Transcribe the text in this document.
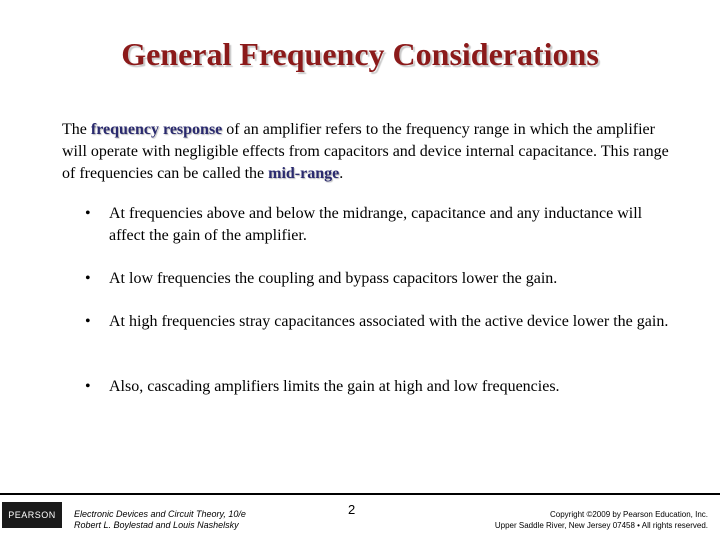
General Frequency Considerations
The frequency response of an amplifier refers to the frequency range in which the amplifier will operate with negligible effects from capacitors and device internal capacitance. This range of frequencies can be called the mid-range.
• At frequencies above and below the midrange, capacitance and any inductance will affect the gain of the amplifier.
• At low frequencies the coupling and bypass capacitors lower the gain.
• At high frequencies stray capacitances associated with the active device lower the gain.
• Also, cascading amplifiers limits the gain at high and low frequencies.
PEARSON	Electronic Devices and Circuit Theory, 10/e
Robert L. Boylestad and Louis Nashelsky
2	Copyright ©2009 by Pearson Education, Inc.
Upper Saddle River, New Jersey 07458 • All rights reserved.
